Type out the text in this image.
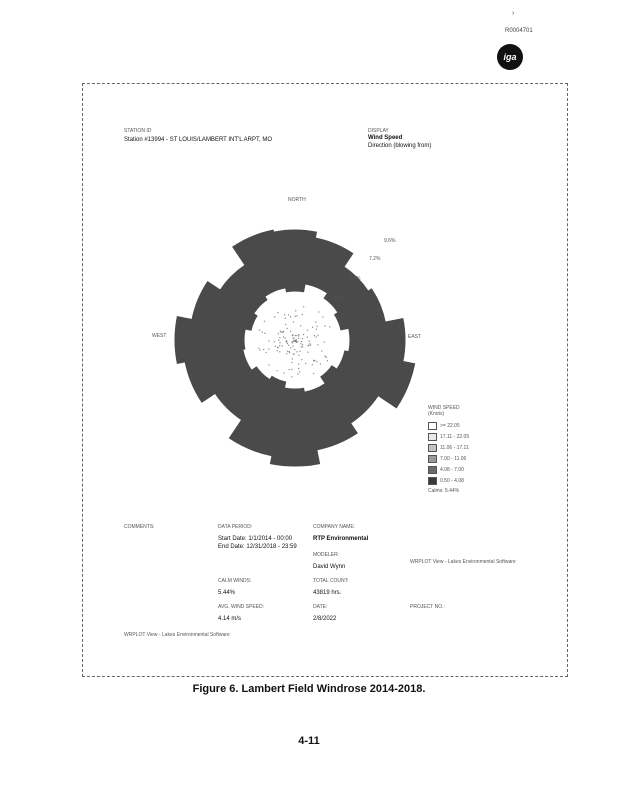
›
R0004701
iga
STATION ID
Station #13994 - ST LOUIS/LAMBERT INT'L ARPT, MO
DISPLAY
Wind Speed
Direction (blowing from)
NORTH
WEST	EAST
9.6%
7.2%
4.8%
2.4%
WIND SPEED
(Knots)
>= 22.05
17.11 - 22.05
11.06 - 17.11
7.00 - 11.06
4.08 - 7.00
0.50 - 4.08
Calms: 5.44%
COMMENTS:	DATA PERIOD:
Start Date: 1/1/2014 - 00:00
End Date: 12/31/2018 - 23:59
COMPANY NAME:
RTP Environmental
MODELER:
David Wynn
WRPLOT View - Lakes Environmental Software
CALM WINDS:
5.44%
TOTAL COUNT:
43819 hrs.
AVG. WIND SPEED:
4.14 m/s
DATE:
2/8/2022
PROJECT NO.:
WRPLOT View - Lakes Environmental Software
Figure 6. Lambert Field Windrose 2014-2018.
4-11
